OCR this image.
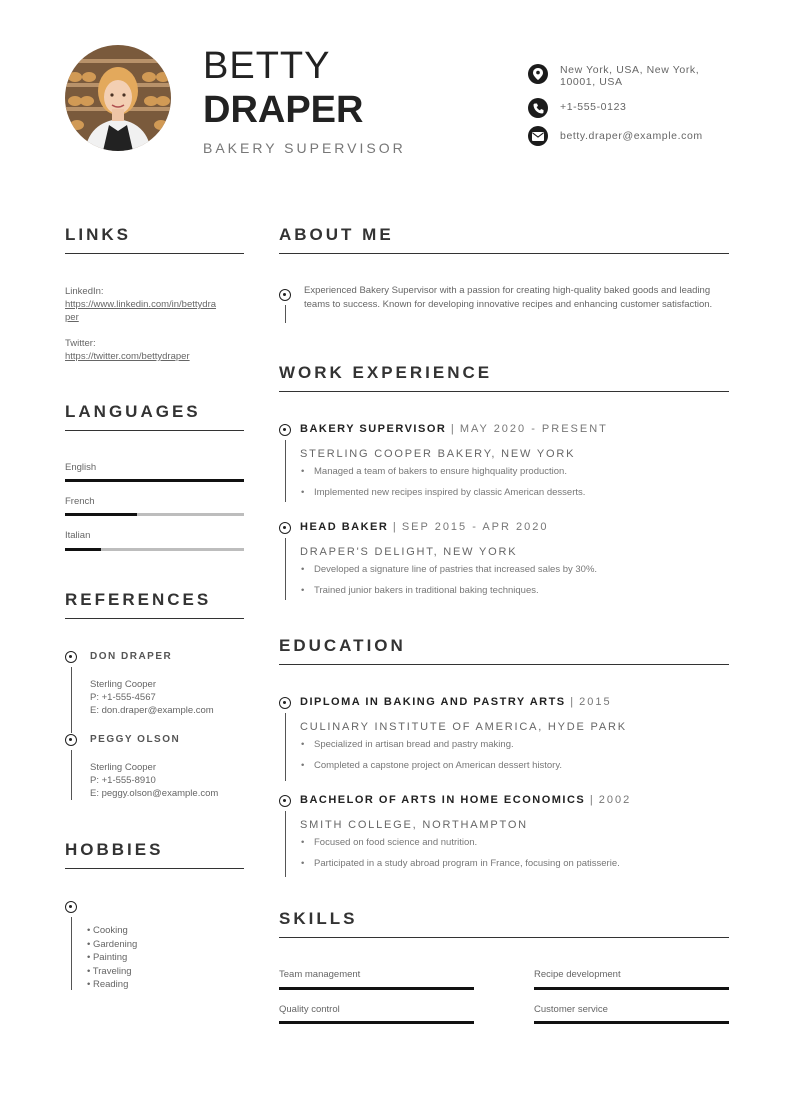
BETTY
DRAPER
BAKERY SUPERVISOR
New York, USA, New York,
10001, USA
+1-555-0123
betty.draper@example.com
LINKS
LinkedIn:
https://www.linkedin.com/in/bettydra
per
Twitter:
https://twitter.com/bettydraper
LANGUAGES
English
French
Italian
REFERENCES
DON DRAPER
Sterling Cooper
P: +1-555-4567
E: don.draper@example.com
PEGGY OLSON
Sterling Cooper
P: +1-555-8910
E: peggy.olson@example.com
HOBBIES
• Cooking
• Gardening
• Painting
• Traveling
• Reading
ABOUT ME
Experienced Bakery Supervisor with a passion for creating high-quality baked goods and leading teams to success. Known for developing innovative recipes and enhancing customer satisfaction.
WORK EXPERIENCE
BAKERY SUPERVISOR | MAY 2020 - PRESENT
STERLING COOPER BAKERY, NEW YORK
• Managed a team of bakers to ensure highquality production.
• Implemented new recipes inspired by classic American desserts.
HEAD BAKER | SEP 2015 - APR 2020
DRAPER'S DELIGHT, NEW YORK
• Developed a signature line of pastries that increased sales by 30%.
• Trained junior bakers in traditional baking techniques.
EDUCATION
DIPLOMA IN BAKING AND PASTRY ARTS | 2015
CULINARY INSTITUTE OF AMERICA, HYDE PARK
• Specialized in artisan bread and pastry making.
• Completed a capstone project on American dessert history.
BACHELOR OF ARTS IN HOME ECONOMICS | 2002
SMITH COLLEGE, NORTHAMPTON
• Focused on food science and nutrition.
• Participated in a study abroad program in France, focusing on patisserie.
SKILLS
Team management	Recipe development
Quality control	Customer service
